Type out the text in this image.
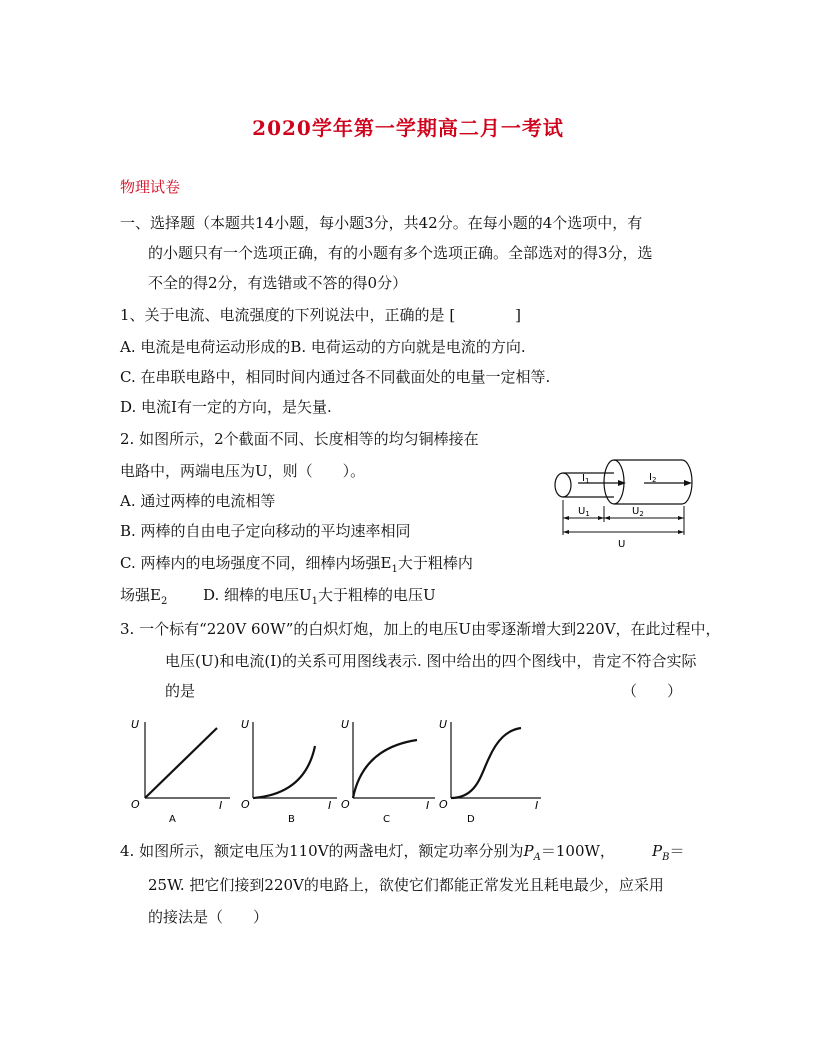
2020学年第一学期高二月一考试
物理试卷
一、选择题（本题共14小题，每小题3分，共42分。在每小题的4个选项中，有
的小题只有一个选项正确，有的小题有多个选项正确。全部选对的得3分，选
不全的得2分，有选错或不答的得0分）
1、关于电流、电流强度的下列说法中，正确的是 [　　　　]
A. 电流是电荷运动形成的B. 电荷运动的方向就是电流的方向.
C. 在串联电路中，相同时间内通过各不同截面处的电量一定相等.
D. 电流I有一定的方向，是矢量.
2. 如图所示，2个截面不同、长度相等的均匀铜棒接在
电路中，两端电压为U，则（　　）。
A. 通过两棒的电流相等
B. 两棒的自由电子定向移动的平均速率相同
C. 两棒内的电场强度不同，细棒内场强$E_1$大于粗棒内
场强$E_2$ D. 细棒的电压$U_1$大于粗棒的电压U
$I_1$	$I_2$
$U_1$	$U_2$
U
3. 一个标有“220V 60W”的白炽灯炮，加上的电压U由零逐渐增大到220V，在此过程中，
电压(U)和电流(I)的关系可用图线表示. 图中给出的四个图线中，肯定不符合实际
的是	（　　）
U
O	I
A
U
O	I
B
U
O	I
C
U
O	I
D
4. 如图所示，额定电压为110V的两盏电灯，额定功率分别为$P_A=100W$， $P_B=$
25W. 把它们接到220V的电路上，欲使它们都能正常发光且耗电最少，应采用
的接法是（　　）
